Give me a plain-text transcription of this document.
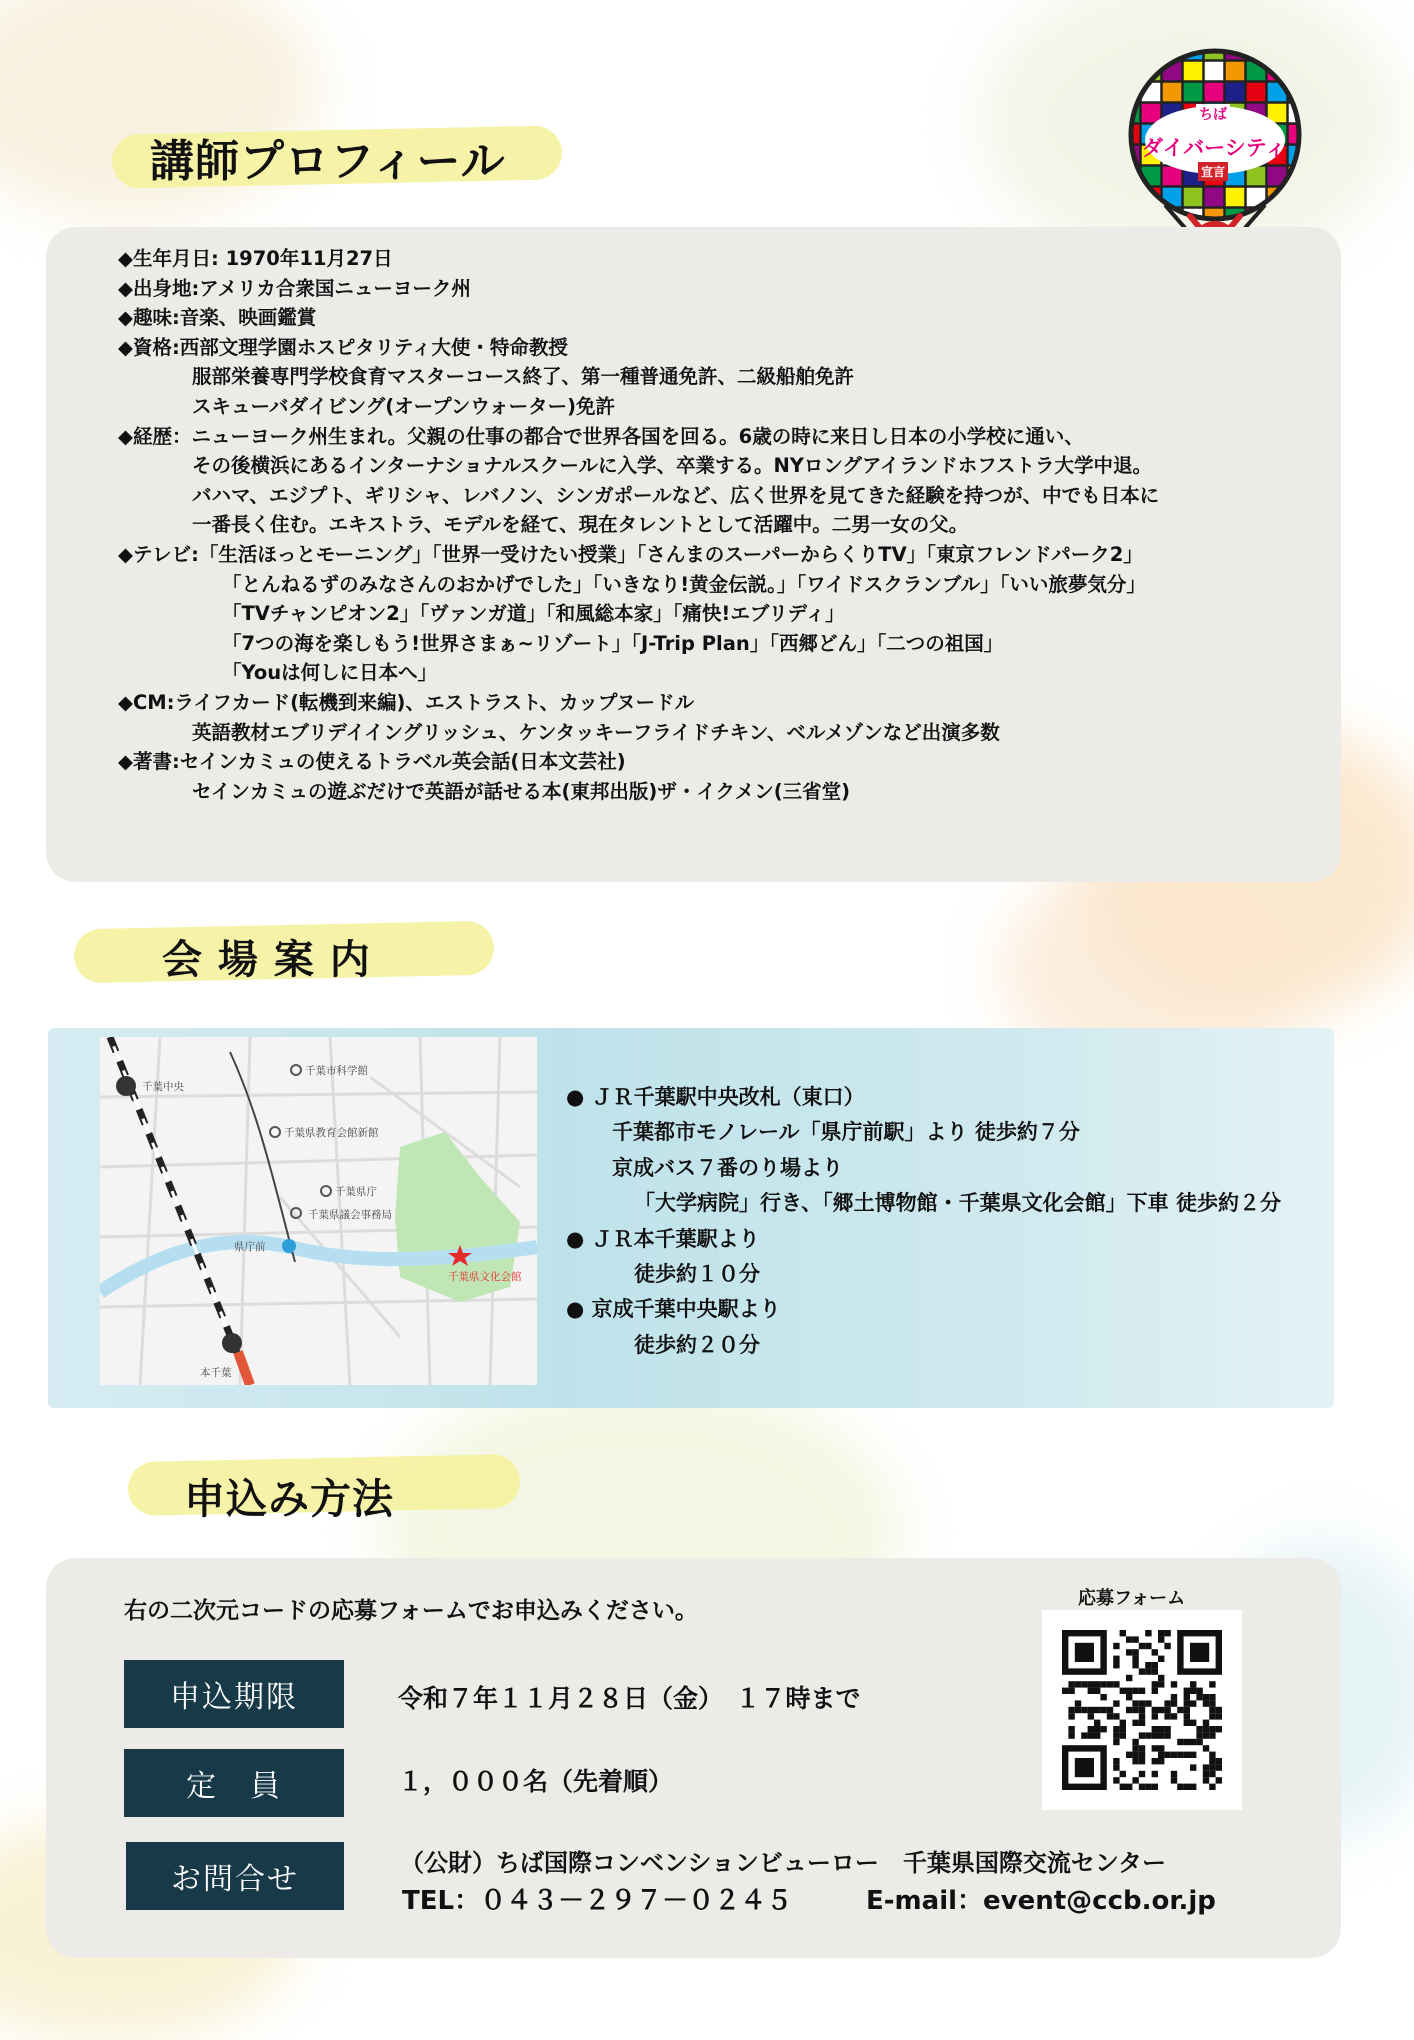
ちば
ダイバーシティ
宣言
講師プロフィール
◆生年月日: 1970年11月27日
◆出身地:アメリカ合衆国ニューヨーク州
◆趣味:音楽、映画鑑賞
◆資格:西部文理学園ホスピタリティ大使・特命教授
服部栄養専門学校食育マスターコース終了、第一種普通免許、二級船舶免許
スキューバダイビング(オープンウォーター)免許
◆経歴：ニューヨーク州生まれ。父親の仕事の都合で世界各国を回る。6歳の時に来日し日本の小学校に通い、
その後横浜にあるインターナショナルスクールに入学、卒業する。NYロングアイランドホフストラ大学中退。
バハマ、エジプト、ギリシャ、レバノン、シンガポールなど、広く世界を見てきた経験を持つが、中でも日本に
一番長く住む。エキストラ、モデルを経て、現在タレントとして活躍中。二男一女の父。
◆テレビ:「生活ほっとモーニング」「世界一受けたい授業」「さんまのスーパーからくりTV」「東京フレンドパーク2」
「とんねるずのみなさんのおかげでした」「いきなり!黄金伝説。」「ワイドスクランブル」「いい旅夢気分」
「TVチャンピオン2」「ヴァンガ道」「和風総本家」「痛快!エブリディ」
「7つの海を楽しもう!世界さまぁ~リゾート」「J-Trip Plan」「西郷どん」「二つの祖国」
「Youは何しに日本へ」
◆CM:ライフカード(転機到来編)、エストラスト、カップヌードル
英語教材エブリデイイングリッシュ、ケンタッキーフライドチキン、ベルメゾンなど出演多数
◆著書:セインカミュの使えるトラベル英会話(日本文芸社)
セインカミュの遊ぶだけで英語が話せる本(東邦出版)ザ・イクメン(三省堂)
会 場 案 内
千葉中央
千葉市科学館
千葉県教育会館新館
千葉県庁
千葉県議会事務局
県庁前
千葉県文化会館
本千葉
● ＪＲ千葉駅中央改札（東口）
千葉都市モノレール「県庁前駅」より 徒歩約７分
京成バス７番のり場より
「大学病院」行き、「郷土博物館・千葉県文化会館」下車 徒歩約２分
● ＪＲ本千葉駅より
徒歩約１０分
● 京成千葉中央駅より
徒歩約２０分
申込み方法
右の二次元コードの応募フォームでお申込みください。
申込期限	令和７年１１月２８日（金）　１７時まで
定　員	１，０００名（先着順）
お問合せ	（公財）ちば国際コンベンションビューロー　千葉県国際交流センター
TEL：０４３－２９７－０２４５	E-mail：event@ccb.or.jp
応募フォーム
